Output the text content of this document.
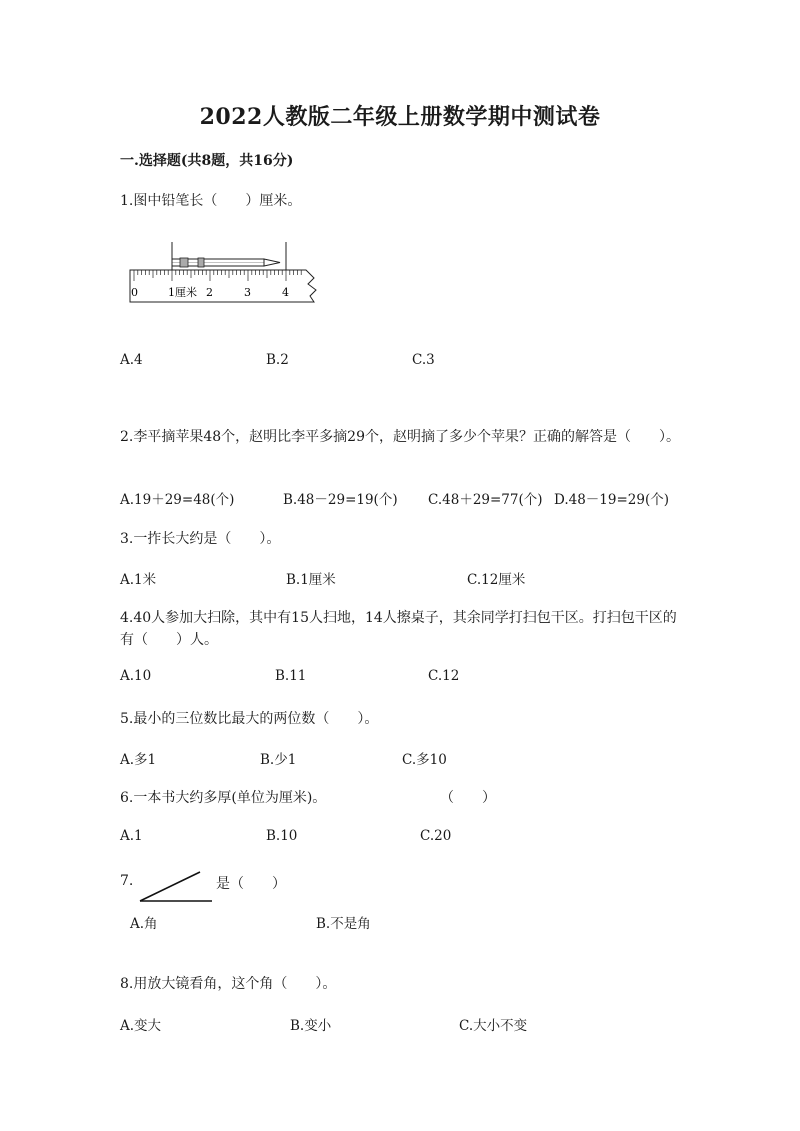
2022人教版二年级上册数学期中测试卷
一.选择题(共8题，共16分)
1.图中铅笔长（　　）厘米。
0	1厘米 2	3	4
A.4	B.2	C.3
2.李平摘苹果48个，赵明比李平多摘29个，赵明摘了多少个苹果？正确的解答是（　　）。
A.19＋29=48(个)	B.48－29=19(个) C.48＋29=77(个) D.48－19=29(个)
3.一拃长大约是（　　）。
A.1米	B.1厘米	C.12厘米
4.40人参加大扫除，其中有15人扫地，14人擦桌子，其余同学打扫包干区。打扫包干区的有（　　）人。
A.10	B.11	C.12
5.最小的三位数比最大的两位数（　　）。
A.多1	B.少1	C.多10
6.一本书大约多厚(单位为厘米)。	（　　）
A.1	B.10	C.20
7.	是（　　）
A.角	B.不是角
8.用放大镜看角，这个角（　　）。
A.变大	B.变小	C.大小不变
